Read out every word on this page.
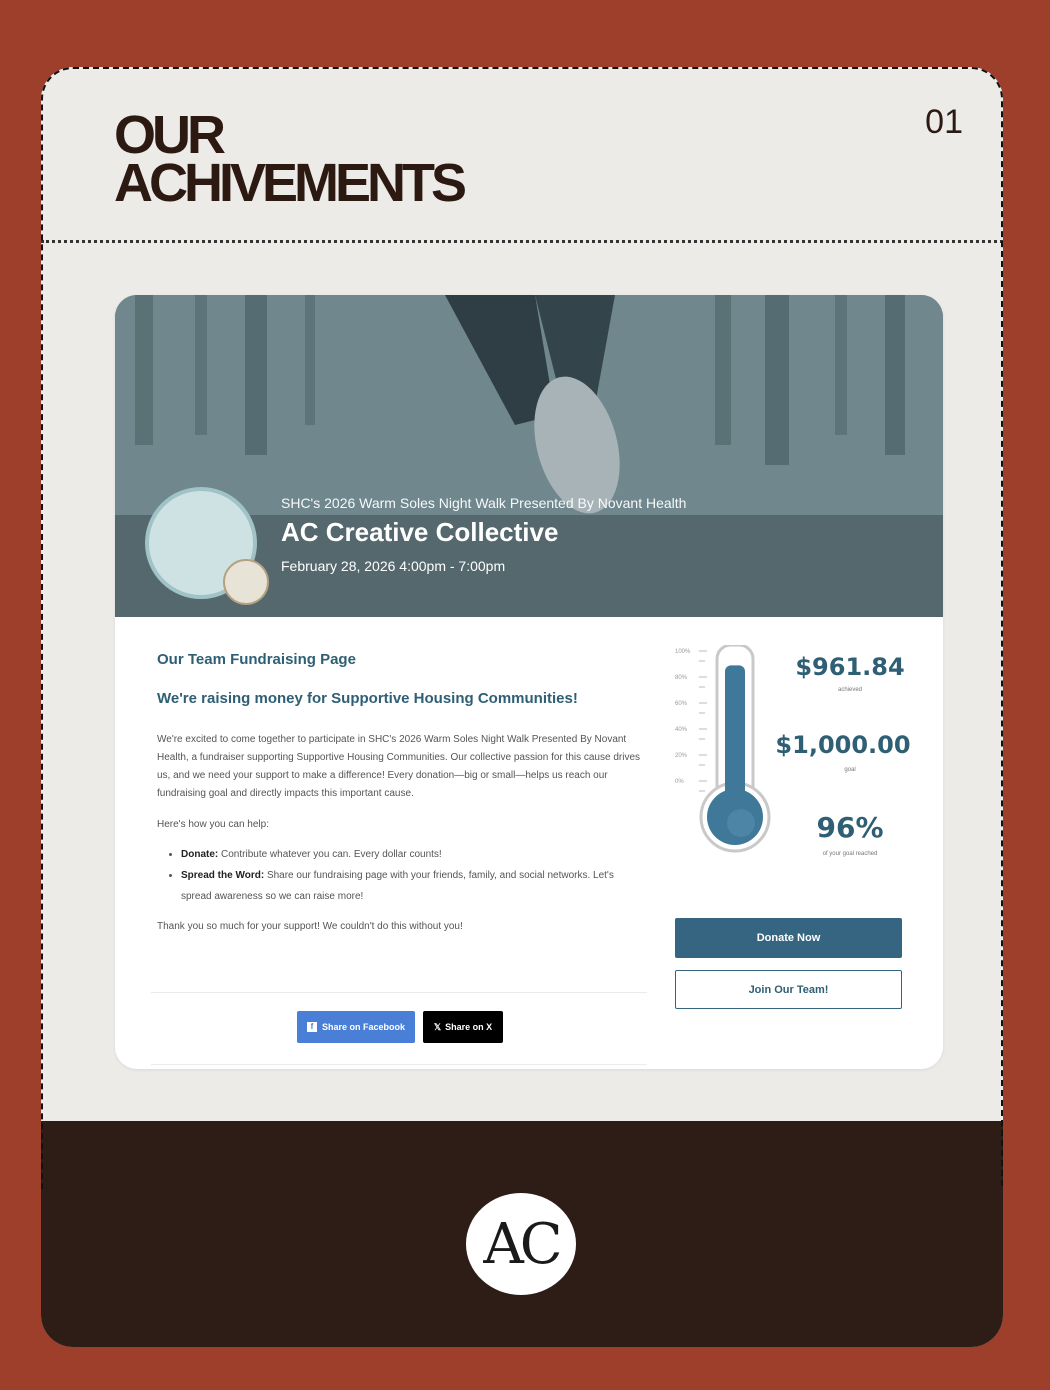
OUR
ACHIVEMENTS
01
SHC's 2026 Warm Soles Night Walk Presented By Novant Health
AC Creative Collective
February 28, 2026 4:00pm - 7:00pm
Our Team Fundraising Page
We're raising money for Supportive Housing Communities!
We're excited to come together to participate in SHC's 2026 Warm Soles Night Walk Presented By Novant Health, a fundraiser supporting Supportive Housing Communities. Our collective passion for this cause drives us, and we need your support to make a difference! Every donation—big or small—helps us reach our fundraising goal and directly impacts this important cause.
Here's how you can help:
• Donate: Contribute whatever you can. Every dollar counts!
• Spread the Word: Share our fundraising page with your friends, family, and social networks. Let's spread awareness so we can raise more!
Thank you so much for your support! We couldn't do this without you!
f Share on Facebook	𝕏 Share on X
100%
80%
60%
40%
20%
0%
$961.84
achieved
$1,000.00
goal
96%
of your goal reached
Donate Now
Join Our Team!
AC
